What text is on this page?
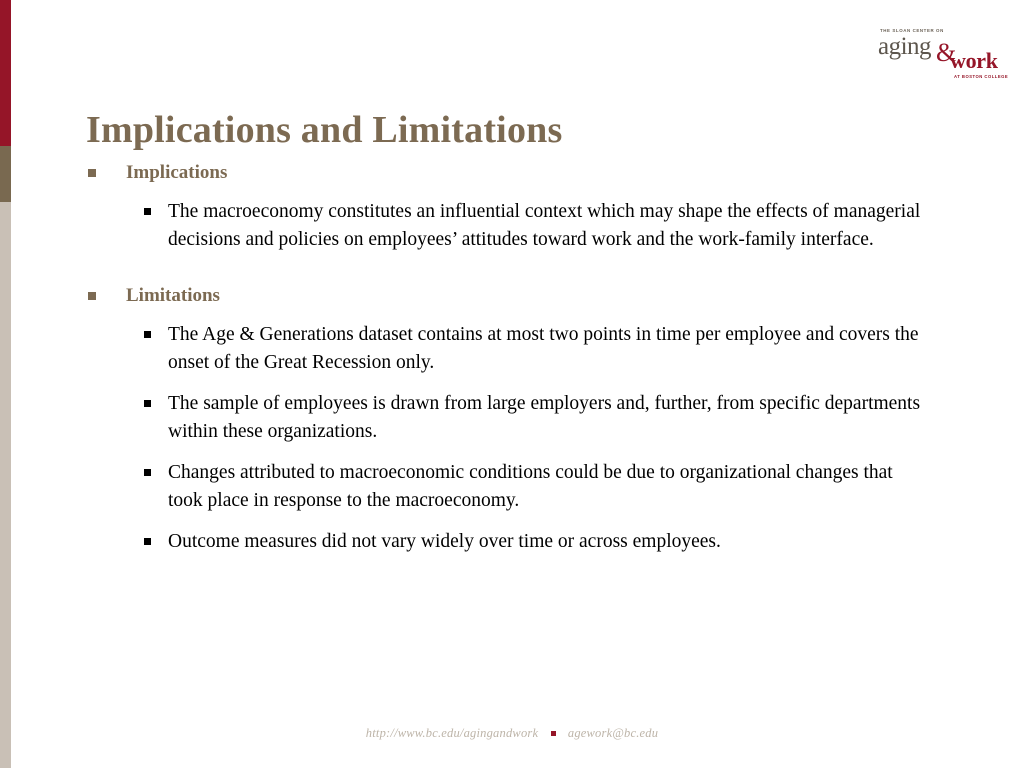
THE SLOAN CENTER ON
aging &
work
AT BOSTON COLLEGE
Implications and Limitations
Implications
The macroeconomy constitutes an influential context which may shape the effects of managerial decisions and policies on employees’ attitudes toward work and the work-family interface.
Limitations
The Age & Generations dataset contains at most two points in time per employee and covers the onset of the Great Recession only.
The sample of employees is drawn from large employers and, further, from specific departments within these organizations.
Changes attributed to macroeconomic conditions could be due to organizational changes that took place in response to the macroeconomy.
Outcome measures did not vary widely over time or across employees.
http://www.bc.edu/agingandwork agework@bc.edu
